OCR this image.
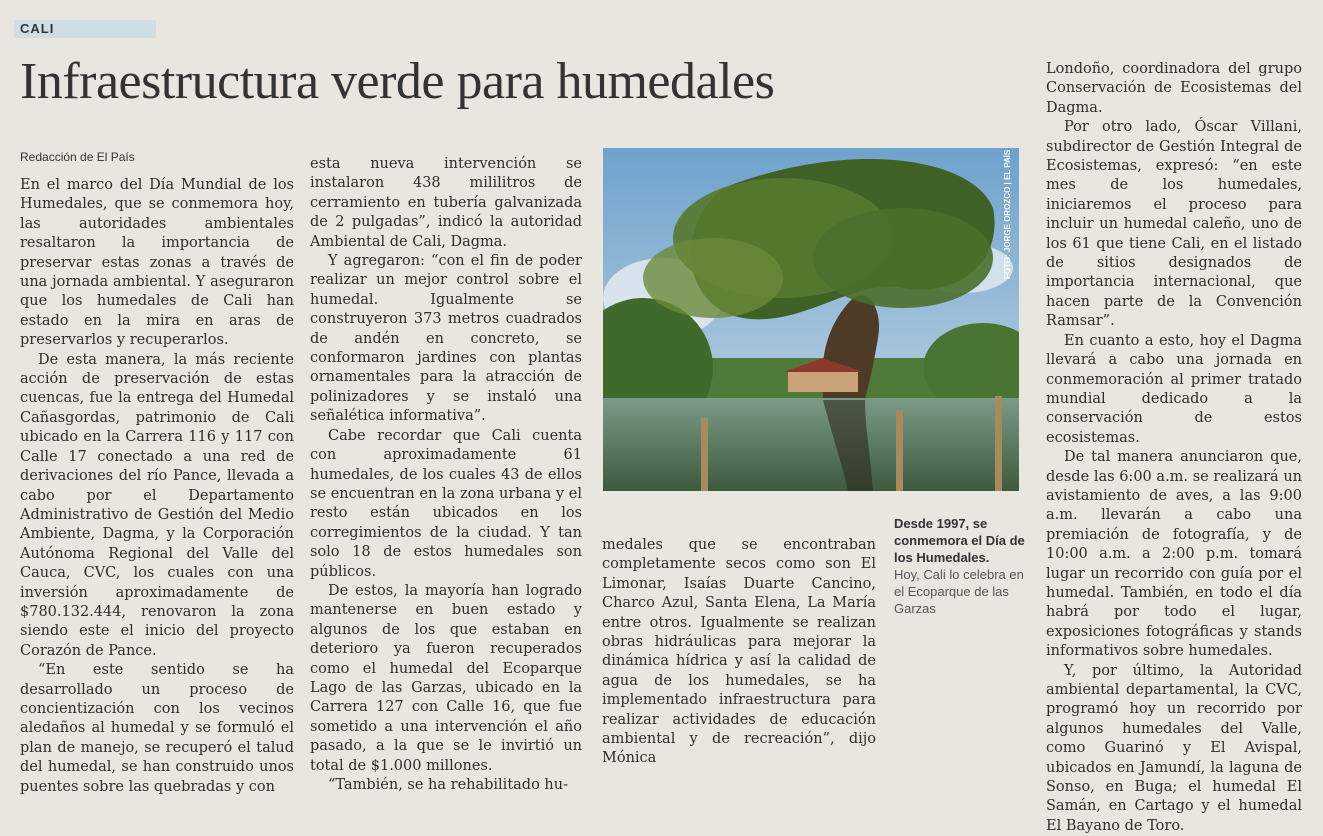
CALI
Infraestructura verde para humedales
Redacción de El País

En el marco del Día Mundial de los Humedales, que se conmemora hoy, las autoridades ambientales resaltaron la importancia de preservar estas zonas a través de una jornada ambiental. Y aseguraron que los humedales de Cali han estado en la mira en aras de preservarlos y recuperarlos.

De esta manera, la más reciente acción de preservación de estas cuencas, fue la entrega del Humedal Cañasgordas, patrimonio de Cali ubicado en la Carrera 116 y 117 con Calle 17 conectado a una red de derivaciones del río Pance, llevada a cabo por el Departamento Administrativo de Gestión del Medio Ambiente, Dagma, y la Corporación Autónoma Regional del Valle del Cauca, CVC, los cuales con una inversión aproximadamente de $780.132.444, renovaron la zona siendo este el inicio del proyecto Corazón de Pance.

“En este sentido se ha desarrollado un proceso de concientización con los vecinos aledaños al humedal y se formuló el plan de manejo, se recuperó el talud del humedal, se han construido unos puentes sobre las quebradas y con

esta nueva intervención se instalaron 438 mililitros de cerramiento en tubería galvanizada de 2 pulgadas”, indicó la autoridad Ambiental de Cali, Dagma.

Y agregaron: “con el fin de poder realizar un mejor control sobre el humedal. Igualmente se construyeron 373 metros cuadrados de andén en concreto, se conformaron jardines con plantas ornamentales para la atracción de polinizadores y se instaló una señalética informativa”.

Cabe recordar que Cali cuenta con aproximadamente 61 humedales, de los cuales 43 de ellos se encuentran en la zona urbana y el resto están ubicados en los corregimientos de la ciudad. Y tan solo 18 de estos humedales son públicos.

De estos, la mayoría han logrado mantenerse en buen estado y algunos de los que estaban en deterioro ya fueron recuperados como el humedal del Ecoparque Lago de las Garzas, ubicado en la Carrera 127 con Calle 16, que fue sometido a una intervención el año pasado, a la que se le invirtió un total de $1.000 millones.

“También, se ha rehabilitado hu-

FOTO: JORGE OROZCO | EL PAÍS

medales que se encontraban completamente secos como son El Limonar, Isaías Duarte Cancino, Charco Azul, Santa Elena, La María entre otros. Igualmente se realizan obras hidráulicas para mejorar la dinámica hídrica y así la calidad de agua de los humedales, se ha implementado infraestructura para realizar actividades de educación ambiental y de recreación”, dijo Mónica

Desde 1997, se conmemora el Día de los Humedales.
Hoy, Cali lo celebra en el Ecoparque de las Garzas

Londoño, coordinadora del grupo Conservación de Ecosistemas del Dagma.

Por otro lado, Óscar Villani, subdirector de Gestión Integral de Ecosistemas, expresó: “en este mes de los humedales, iniciaremos el proceso para incluir un humedal caleño, uno de los 61 que tiene Cali, en el listado de sitios designados de importancia internacional, que hacen parte de la Convención Ramsar”.

En cuanto a esto, hoy el Dagma llevará a cabo una jornada en conmemoración al primer tratado mundial dedicado a la conservación de estos ecosistemas.

De tal manera anunciaron que, desde las 6:00 a.m. se realizará un avistamiento de aves, a las 9:00 a.m. llevarán a cabo una premiación de fotografía, y de 10:00 a.m. a 2:00 p.m. tomará lugar un recorrido con guía por el humedal. También, en todo el día habrá por todo el lugar, exposiciones fotográficas y stands informativos sobre humedales.

Y, por último, la Autoridad ambiental departamental, la CVC, programó hoy un recorrido por algunos humedales del Valle, como Guarinó y El Avispal, ubicados en Jamundí, la laguna de Sonso, en Buga; el humedal El Samán, en Cartago y el humedal El Bayano de Toro.
